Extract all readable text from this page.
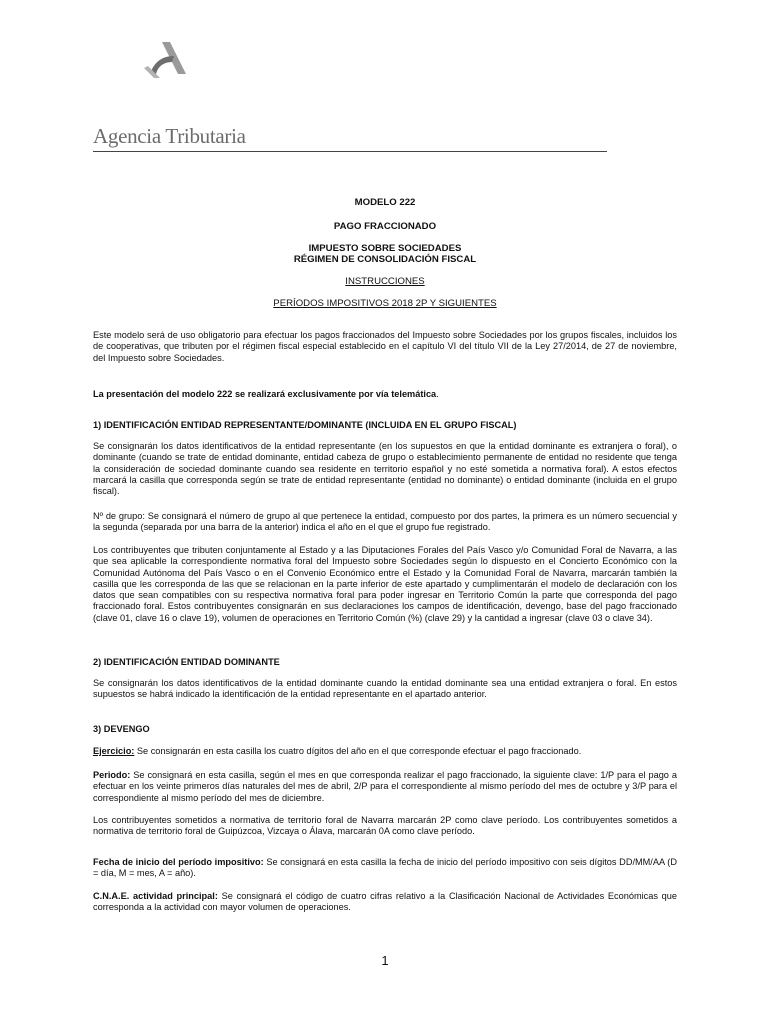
Agencia Tributaria
MODELO 222
PAGO FRACCIONADO
IMPUESTO SOBRE SOCIEDADES
RÉGIMEN DE CONSOLIDACIÓN FISCAL
INSTRUCCIONES
PERÍODOS IMPOSITIVOS 2018 2P Y SIGUIENTES

Este modelo será de uso obligatorio para efectuar los pagos fraccionados del Impuesto sobre Sociedades por los grupos fiscales, incluidos los de cooperativas, que tributen por el régimen fiscal especial establecido en el capítulo VI del título VII de la Ley 27/2014, de 27 de noviembre, del Impuesto sobre Sociedades.

La presentación del modelo 222 se realizará exclusivamente por vía telemática.

1) IDENTIFICACIÓN ENTIDAD REPRESENTANTE/DOMINANTE (INCLUIDA EN EL GRUPO FISCAL)

Se consignarán los datos identificativos de la entidad representante (en los supuestos en que la entidad dominante es extranjera o foral), o dominante (cuando se trate de entidad dominante, entidad cabeza de grupo o establecimiento permanente de entidad no residente que tenga la consideración de sociedad dominante cuando sea residente en territorio español y no esté sometida a normativa foral). A estos efectos marcará la casilla que corresponda según se trate de entidad representante (entidad no dominante) o entidad dominante (incluida en el grupo fiscal).

Nº de grupo: Se consignará el número de grupo al que pertenece la entidad, compuesto por dos partes, la primera es un número secuencial y la segunda (separada por una barra de la anterior) indica el año en el que el grupo fue registrado.

Los contribuyentes que tributen conjuntamente al Estado y a las Diputaciones Forales del País Vasco y/o Comunidad Foral de Navarra, a las que sea aplicable la correspondiente normativa foral del Impuesto sobre Sociedades según lo dispuesto en el Concierto Económico con la Comunidad Autónoma del País Vasco o en el Convenio Económico entre el Estado y la Comunidad Foral de Navarra, marcarán también la casilla que les corresponda de las que se relacionan en la parte inferior de este apartado y cumplimentarán el modelo de declaración con los datos que sean compatibles con su respectiva normativa foral para poder ingresar en Territorio Común la parte que corresponda del pago fraccionado foral. Estos contribuyentes consignarán en sus declaraciones los campos de identificación, devengo, base del pago fraccionado (clave 01, clave 16 o clave 19), volumen de operaciones en Territorio Común (%) (clave 29) y la cantidad a ingresar (clave 03 o clave 34).

2) IDENTIFICACIÓN ENTIDAD DOMINANTE

Se consignarán los datos identificativos de la entidad dominante cuando la entidad dominante sea una entidad extranjera o foral. En estos supuestos se habrá indicado la identificación de la entidad representante en el apartado anterior.

3) DEVENGO

Ejercicio: Se consignarán en esta casilla los cuatro dígitos del año en el que corresponde efectuar el pago fraccionado.

Periodo: Se consignará en esta casilla, según el mes en que corresponda realizar el pago fraccionado, la siguiente clave: 1/P para el pago a efectuar en los veinte primeros días naturales del mes de abril, 2/P para el correspondiente al mismo período del mes de octubre y 3/P para el correspondiente al mismo período del mes de diciembre.

Los contribuyentes sometidos a normativa de territorio foral de Navarra marcarán 2P como clave período. Los contribuyentes sometidos a normativa de territorio foral de Guipúzcoa, Vizcaya o Álava, marcarán 0A como clave período.

Fecha de inicio del período impositivo: Se consignará en esta casilla la fecha de inicio del período impositivo con seis dígitos DD/MM/AA (D = día, M = mes, A = año).

C.N.A.E. actividad principal: Se consignará el código de cuatro cifras relativo a la Clasificación Nacional de Actividades Económicas que corresponda a la actividad con mayor volumen de operaciones.

1
